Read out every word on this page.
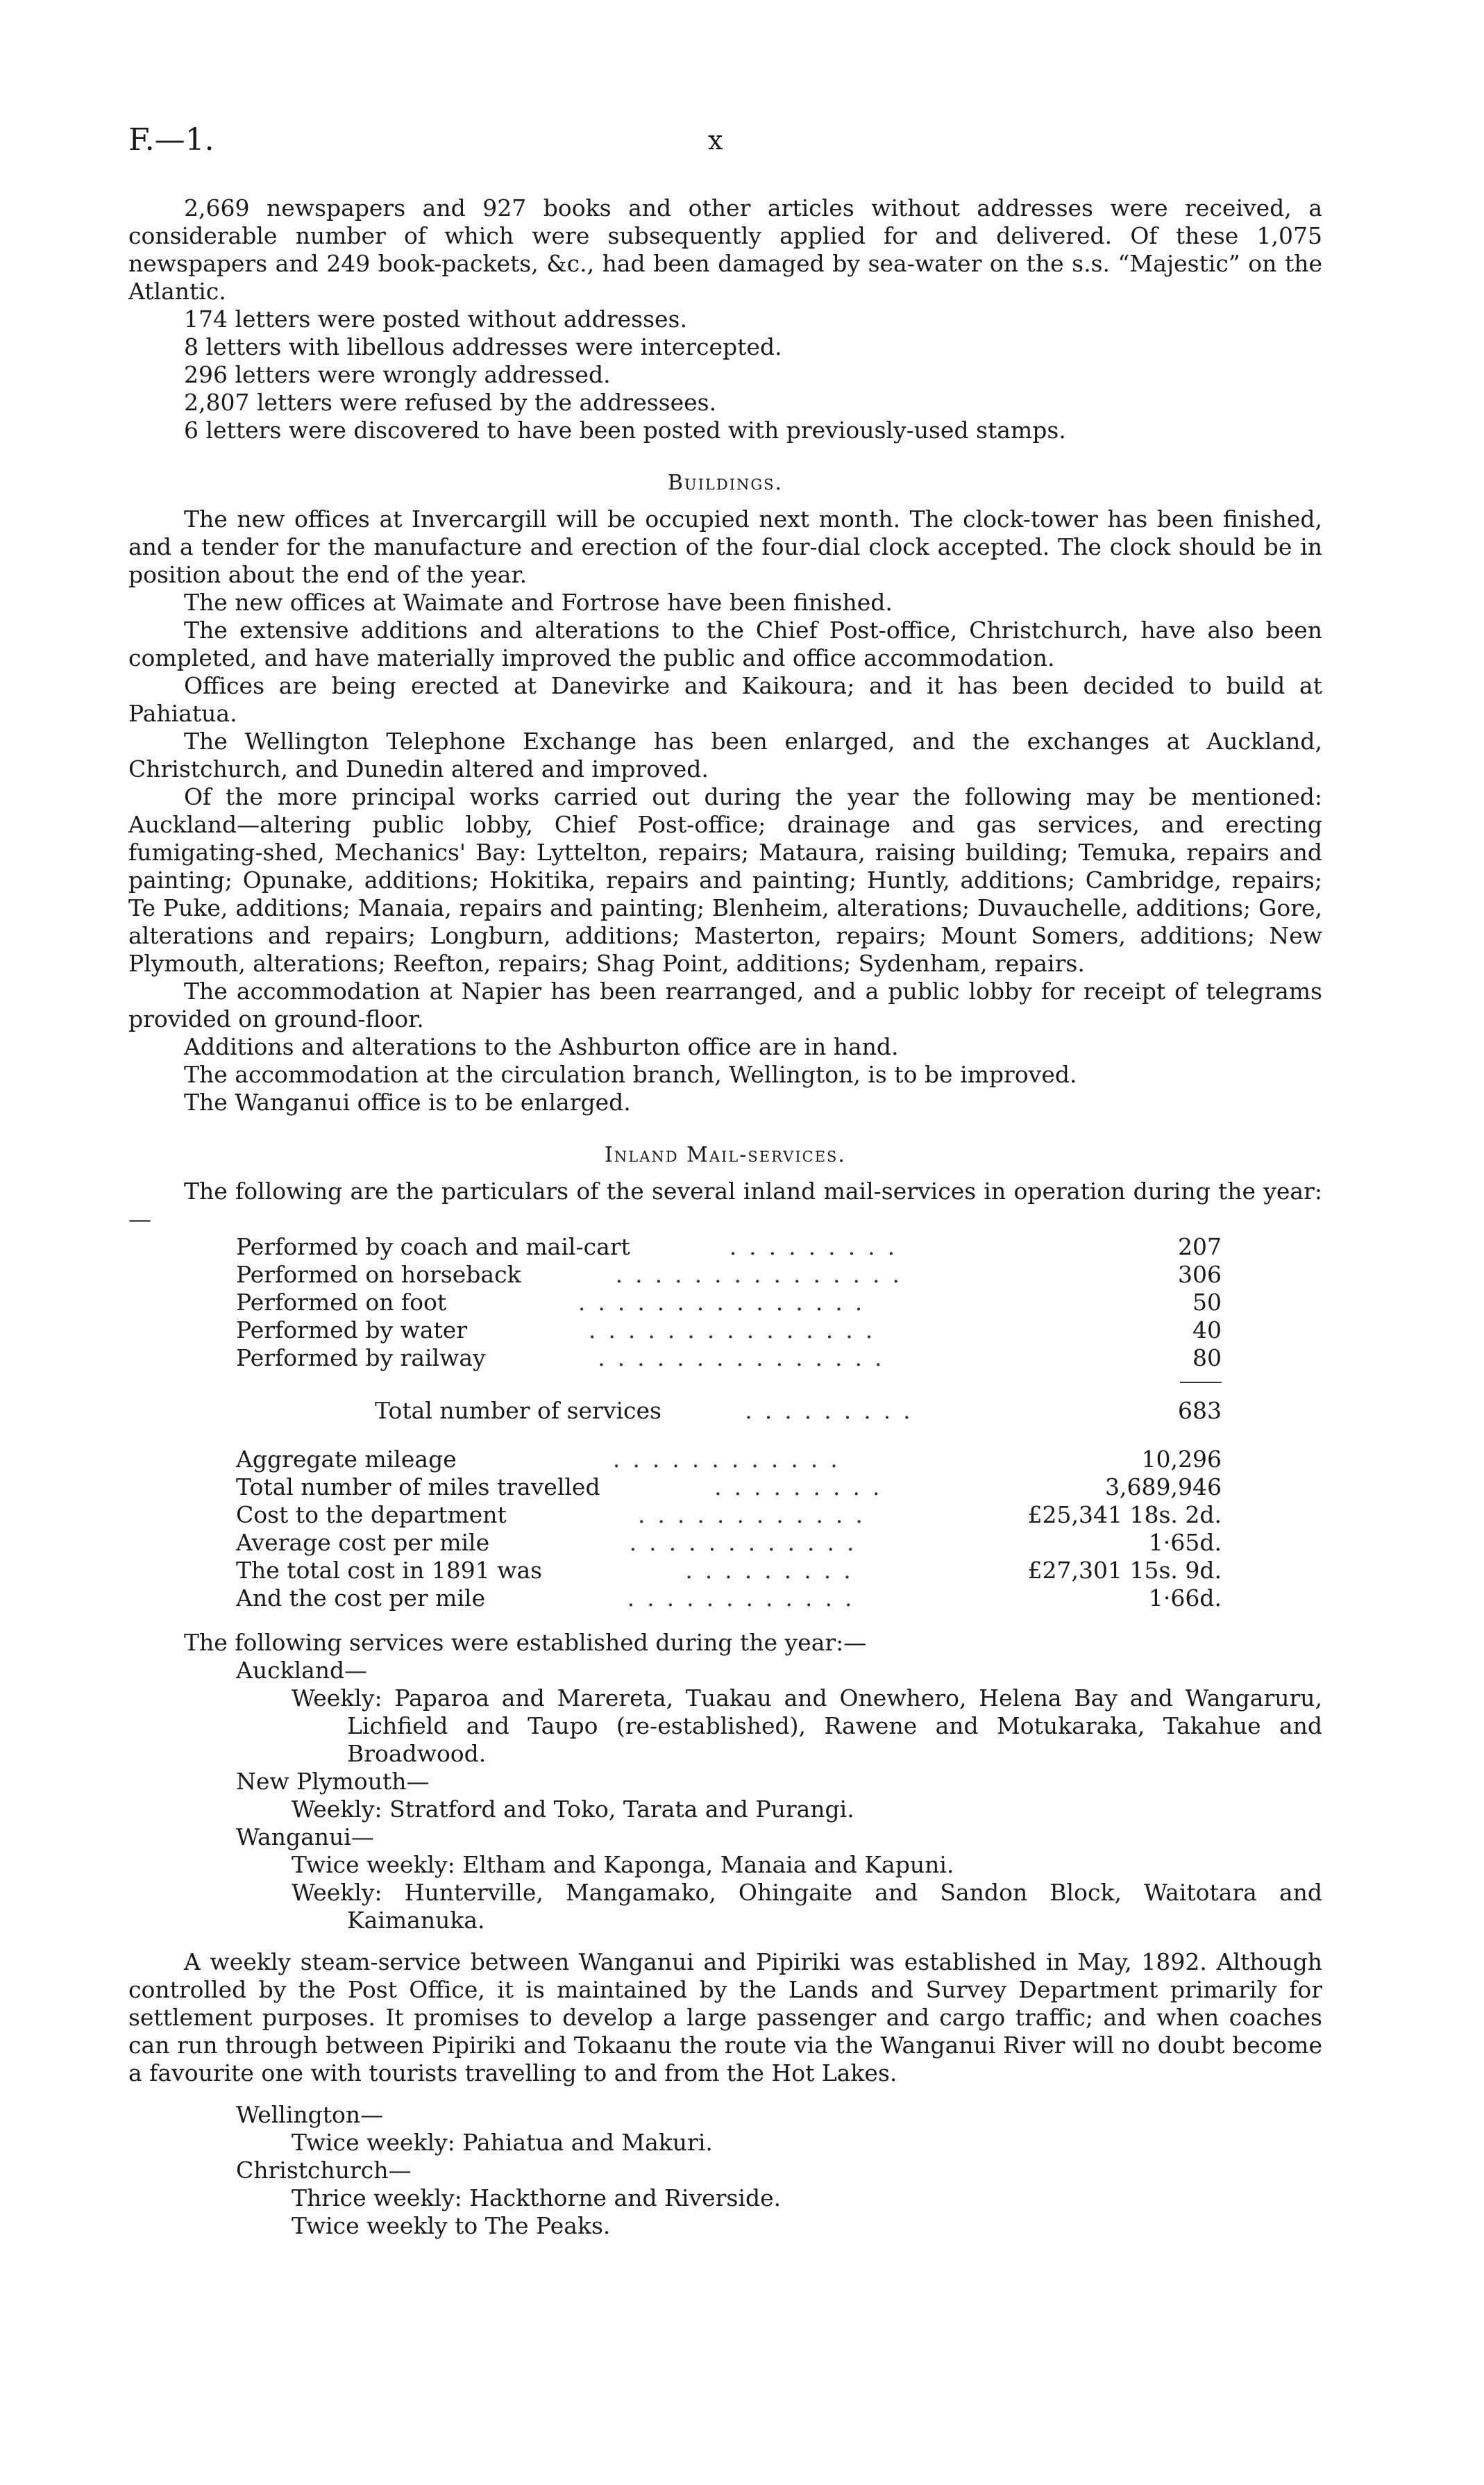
F.—1.	x

2,669 newspapers and 927 books and other articles without addresses were received, a considerable number of which were subsequently applied for and delivered. Of these 1,075 newspapers and 249 book-packets, &c., had been damaged by sea-water on the s.s. “Majestic” on the Atlantic.

174 letters were posted without addresses.

8 letters with libellous addresses were intercepted.

296 letters were wrongly addressed.

2,807 letters were refused by the addressees.

6 letters were discovered to have been posted with previously-used stamps.

Buildings.

The new offices at Invercargill will be occupied next month. The clock-tower has been finished, and a tender for the manufacture and erection of the four-dial clock accepted. The clock should be in position about the end of the year.

The new offices at Waimate and Fortrose have been finished.

The extensive additions and alterations to the Chief Post-office, Christchurch, have also been completed, and have materially improved the public and office accommodation.

Offices are being erected at Danevirke and Kaikoura; and it has been decided to build at Pahiatua.

The Wellington Telephone Exchange has been enlarged, and the exchanges at Auckland, Christchurch, and Dunedin altered and improved.

Of the more principal works carried out during the year the following may be mentioned: Auckland—altering public lobby, Chief Post-office; drainage and gas services, and erecting fumigating-shed, Mechanics' Bay: Lyttelton, repairs; Mataura, raising building; Temuka, repairs and painting; Opunake, additions; Hokitika, repairs and painting; Huntly, additions; Cambridge, repairs; Te Puke, additions; Manaia, repairs and painting; Blenheim, alterations; Duvauchelle, additions; Gore, alterations and repairs; Longburn, additions; Masterton, repairs; Mount Somers, additions; New Plymouth, alterations; Reefton, repairs; Shag Point, additions; Sydenham, repairs.

The accommodation at Napier has been rearranged, and a public lobby for receipt of telegrams provided on ground-floor.

Additions and alterations to the Ashburton office are in hand.

The accommodation at the circulation branch, Wellington, is to be improved.

The Wanganui office is to be enlarged.

Inland Mail-services.

The following are the particulars of the several inland mail-services in operation during the year:—

Performed by coach and mail-cart	.........	207
Performed on horseback	...............	306
Performed on foot	...............	50
Performed by water	...............	40
Performed by railway	...............	80
Total number of services	.........	683
Aggregate mileage	............	10,296
Total number of miles travelled	.........	3,689,946
Cost to the department	............	£25,341 18s. 2d.
Average cost per mile	............	1·65d.
The total cost in 1891 was	.........	£27,301 15s. 9d.
And the cost per mile	............	1·66d.

The following services were established during the year:—

Auckland—

Weekly: Paparoa and Marereta, Tuakau and Onewhero, Helena Bay and Wangaruru, Lichfield and Taupo (re-established), Rawene and Motukaraka, Takahue and Broadwood.

New Plymouth—

Weekly: Stratford and Toko, Tarata and Purangi.

Wanganui—

Twice weekly: Eltham and Kaponga, Manaia and Kapuni.

Weekly: Hunterville, Mangamako, Ohingaite and Sandon Block, Waitotara and Kaimanuka.

A weekly steam-service between Wanganui and Pipiriki was established in May, 1892. Although controlled by the Post Office, it is maintained by the Lands and Survey Department primarily for settlement purposes. It promises to develop a large passenger and cargo traffic; and when coaches can run through between Pipiriki and Tokaanu the route via the Wanganui River will no doubt become a favourite one with tourists travelling to and from the Hot Lakes.

Wellington—

Twice weekly: Pahiatua and Makuri.

Christchurch—

Thrice weekly: Hackthorne and Riverside.

Twice weekly to The Peaks.
